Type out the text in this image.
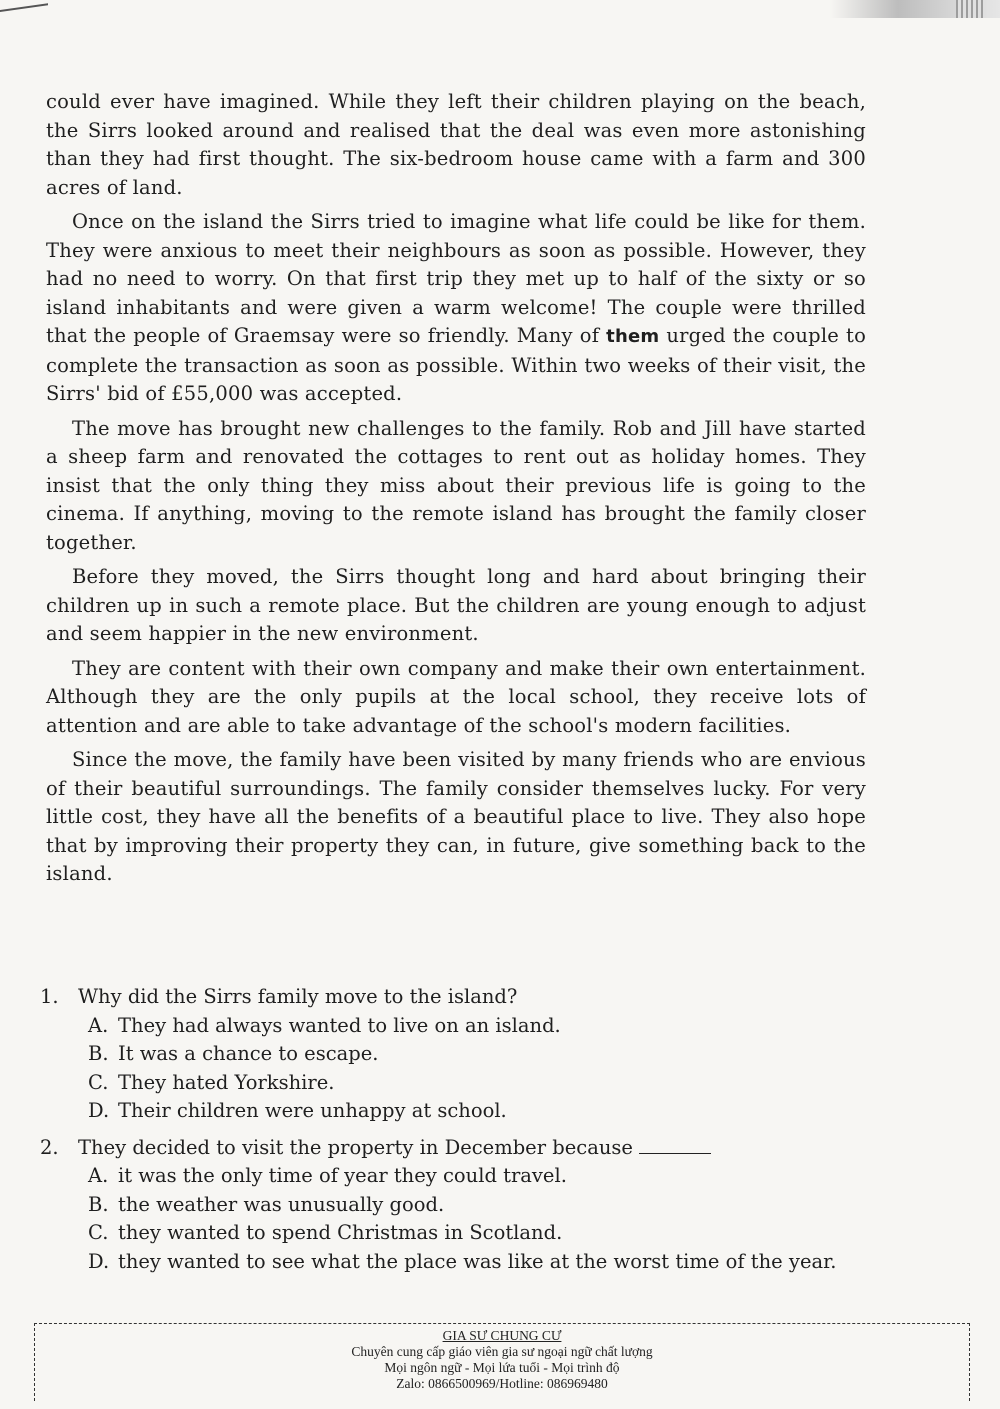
could ever have imagined. While they left their children playing on the beach, the Sirrs looked around and realised that the deal was even more astonishing than they had first thought. The six-bedroom house came with a farm and 300 acres of land.

Once on the island the Sirrs tried to imagine what life could be like for them. They were anxious to meet their neighbours as soon as possible. However, they had no need to worry. On that first trip they met up to half of the sixty or so island inhabitants and were given a warm welcome! The couple were thrilled that the people of Graemsay were so friendly. Many of them urged the couple to complete the transaction as soon as possible. Within two weeks of their visit, the Sirrs' bid of £55,000 was accepted.

The move has brought new challenges to the family. Rob and Jill have started a sheep farm and renovated the cottages to rent out as holiday homes. They insist that the only thing they miss about their previous life is going to the cinema. If anything, moving to the remote island has brought the family closer together.

Before they moved, the Sirrs thought long and hard about bringing their children up in such a remote place. But the children are young enough to adjust and seem happier in the new environment.

They are content with their own company and make their own entertainment. Although they are the only pupils at the local school, they receive lots of attention and are able to take advantage of the school's modern facilities.

Since the move, the family have been visited by many friends who are envious of their beautiful surroundings. The family consider themselves lucky. For very little cost, they have all the benefits of a beautiful place to live. They also hope that by improving their property they can, in future, give something back to the island.

1. Why did the Sirrs family move to the island?
A. They had always wanted to live on an island.
B. It was a chance to escape.
C. They hated Yorkshire.
D. Their children were unhappy at school.
2. They decided to visit the property in December because
A. it was the only time of year they could travel.
B. the weather was unusually good.
C. they wanted to spend Christmas in Scotland.
D. they wanted to see what the place was like at the worst time of the year.
GIA SƯ CHUNG CƯ
Chuyên cung cấp giáo viên gia sư ngoại ngữ chất lượng
Mọi ngôn ngữ - Mọi lứa tuổi - Mọi trình độ
Zalo: 0866500969/Hotline: 086969480
